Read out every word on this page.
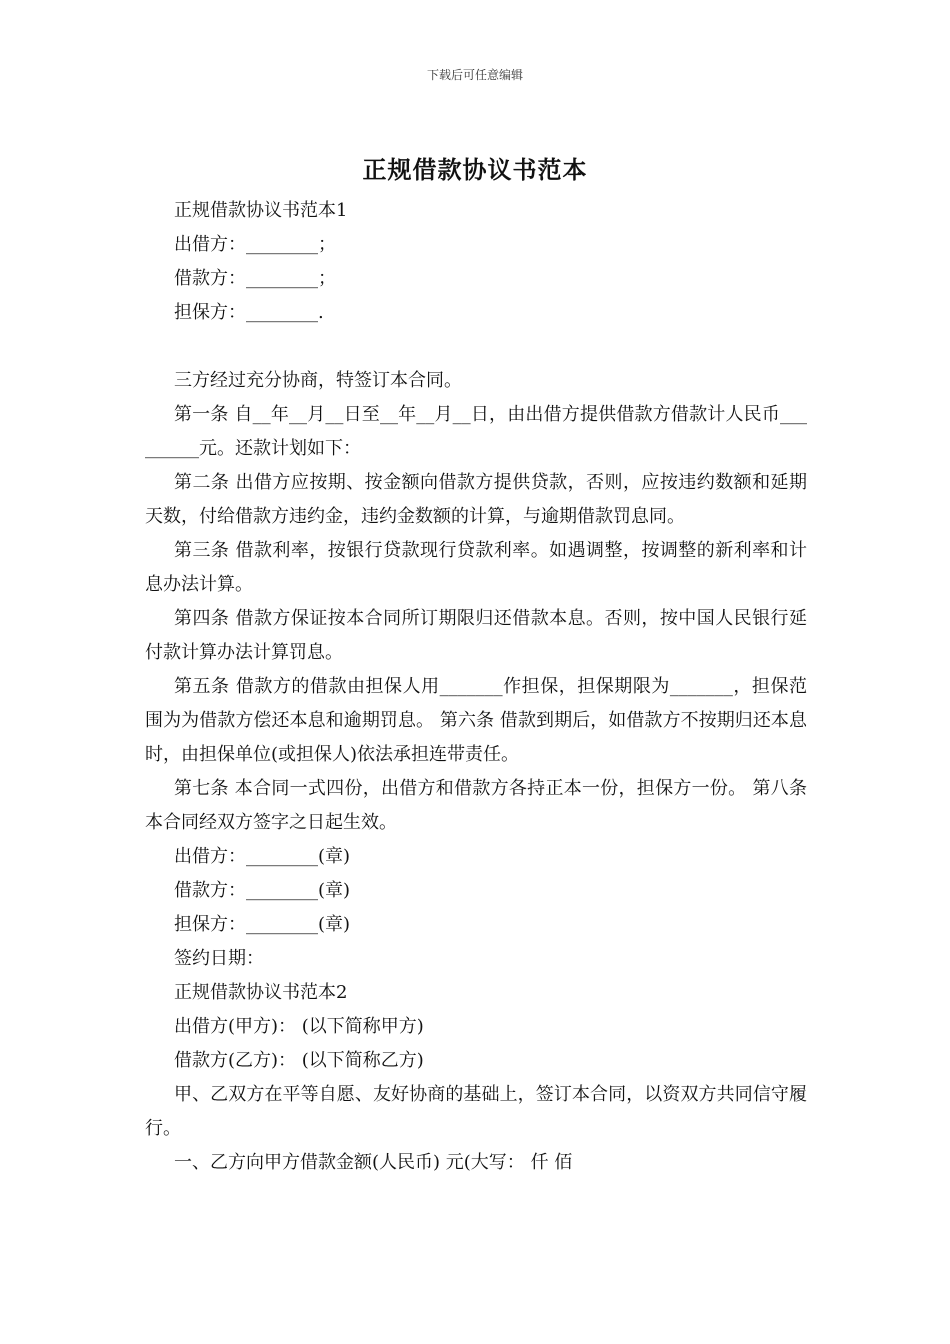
下载后可任意编辑
正规借款协议书范本

正规借款协议书范本1

出借方：________；

借款方：________；

担保方：________.

三方经过充分协商，特签订本合同。

第一条 自__年__月__日至__年__月__日，由出借方提供借款方借款计人民币_________元。还款计划如下：

第二条 出借方应按期、按金额向借款方提供贷款，否则，应按违约数额和延期天数，付给借款方违约金，违约金数额的计算，与逾期借款罚息同。

第三条 借款利率，按银行贷款现行贷款利率。如遇调整，按调整的新利率和计息办法计算。

第四条 借款方保证按本合同所订期限归还借款本息。否则，按中国人民银行延付款计算办法计算罚息。

第五条 借款方的借款由担保人用_______作担保，担保期限为_______，担保范围为为借款方偿还本息和逾期罚息。 第六条 借款到期后，如借款方不按期归还本息时，由担保单位(或担保人)依法承担连带责任。

第七条 本合同一式四份，出借方和借款方各持正本一份，担保方一份。 第八条 本合同经双方签字之日起生效。

出借方：________(章)

借款方：________(章)

担保方：________(章)

签约日期：

正规借款协议书范本2

出借方(甲方)： (以下简称甲方)

借款方(乙方)： (以下简称乙方)

甲、乙双方在平等自愿、友好协商的基础上，签订本合同，以资双方共同信守履行。

一、乙方向甲方借款金额(人民币) 元(大写： 仟 佰
